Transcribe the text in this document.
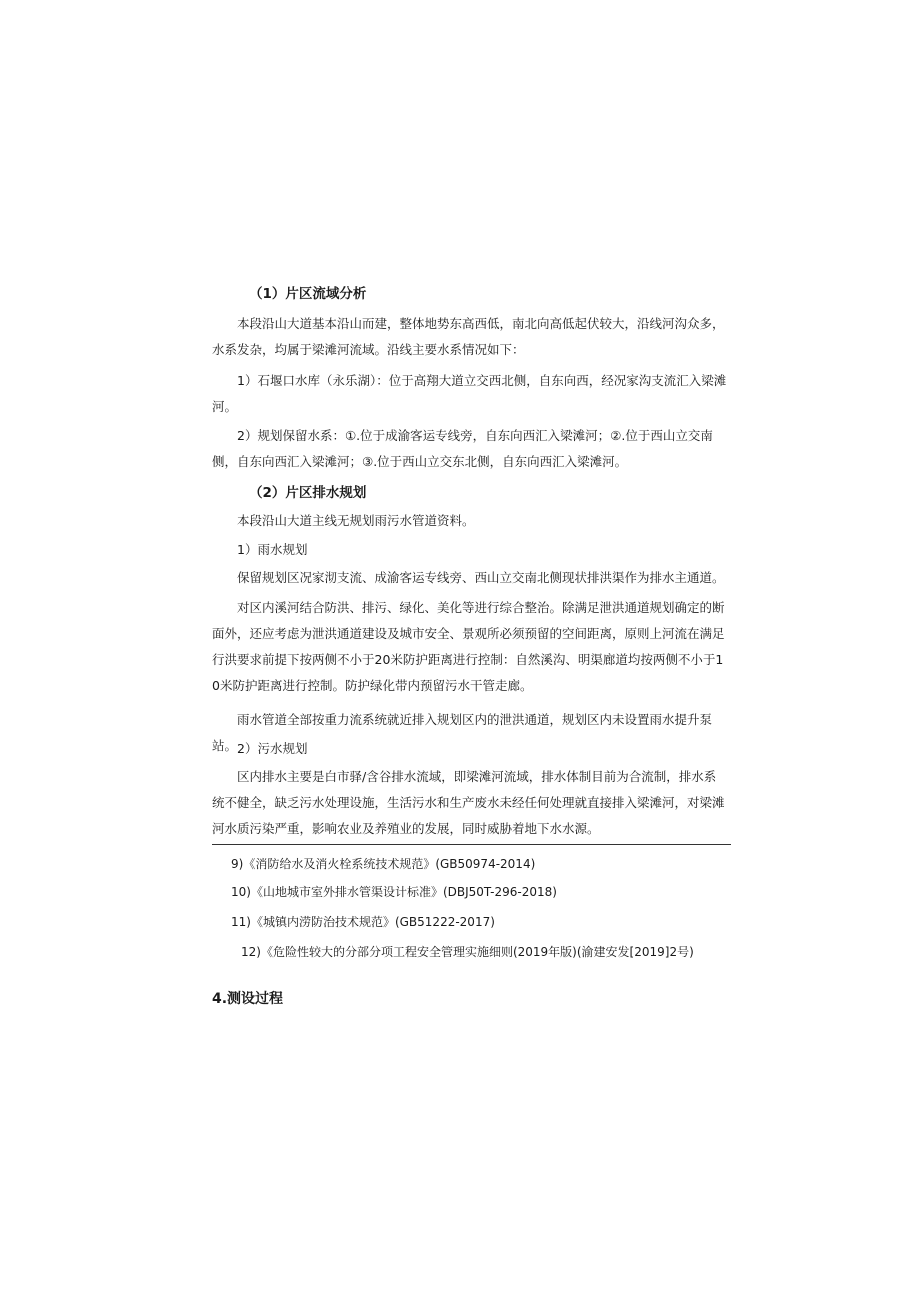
（1）片区流域分析
本段沿山大道基本沿山而建，整体地势东高西低，南北向高低起伏较大，沿线河沟众多，水系发杂，均属于梁滩河流域。沿线主要水系情况如下：
1）石堰口水库（永乐湖）：位于高翔大道立交西北侧，自东向西，经况家沟支流汇入梁滩河。
2）规划保留水系：①.位于成渝客运专线旁，自东向西汇入梁滩河；②.位于西山立交南侧，自东向西汇入梁滩河；③.位于西山立交东北侧，自东向西汇入梁滩河。
（2）片区排水规划
本段沿山大道主线无规划雨污水管道资料。
1）雨水规划
保留规划区况家沏支流、成渝客运专线旁、西山立交南北侧现状排洪渠作为排水主通道。
对区内溪河结合防洪、排污、绿化、美化等进行综合整治。除满足泄洪通道规划确定的断面外，还应考虑为泄洪通道建设及城市安全、景观所必须预留的空间距离，原则上河流在满足行洪要求前提下按两侧不小于20米防护距离进行控制：自然溪沟、明渠廊道均按两侧不小于10米防护距离进行控制。防护绿化带内预留污水干管走廊。
雨水管道全部按重力流系统就近排入规划区内的泄洪通道，规划区内未设置雨水提升泵站。 2）污水规划
区内排水主要是白市驿/含谷排水流域，即梁滩河流域，排水体制目前为合流制，排水系统不健全，缺乏污水处理设施，生活污水和生产废水未经任何处理就直接排入梁滩河，对梁滩河水质污染严重，影响农业及养殖业的发展，同时威胁着地下水水源。
9)《消防给水及消火栓系统技术规范》(GB50974-2014)
10)《山地城市室外排水管渠设计标准》(DBJ50T-296-2018)
11)《城镇内涝防治技术规范》(GB51222-2017)
12)《危险性较大的分部分项工程安全管理实施细则(2019年版)(渝建安发[2019]2号)
4.测设过程
